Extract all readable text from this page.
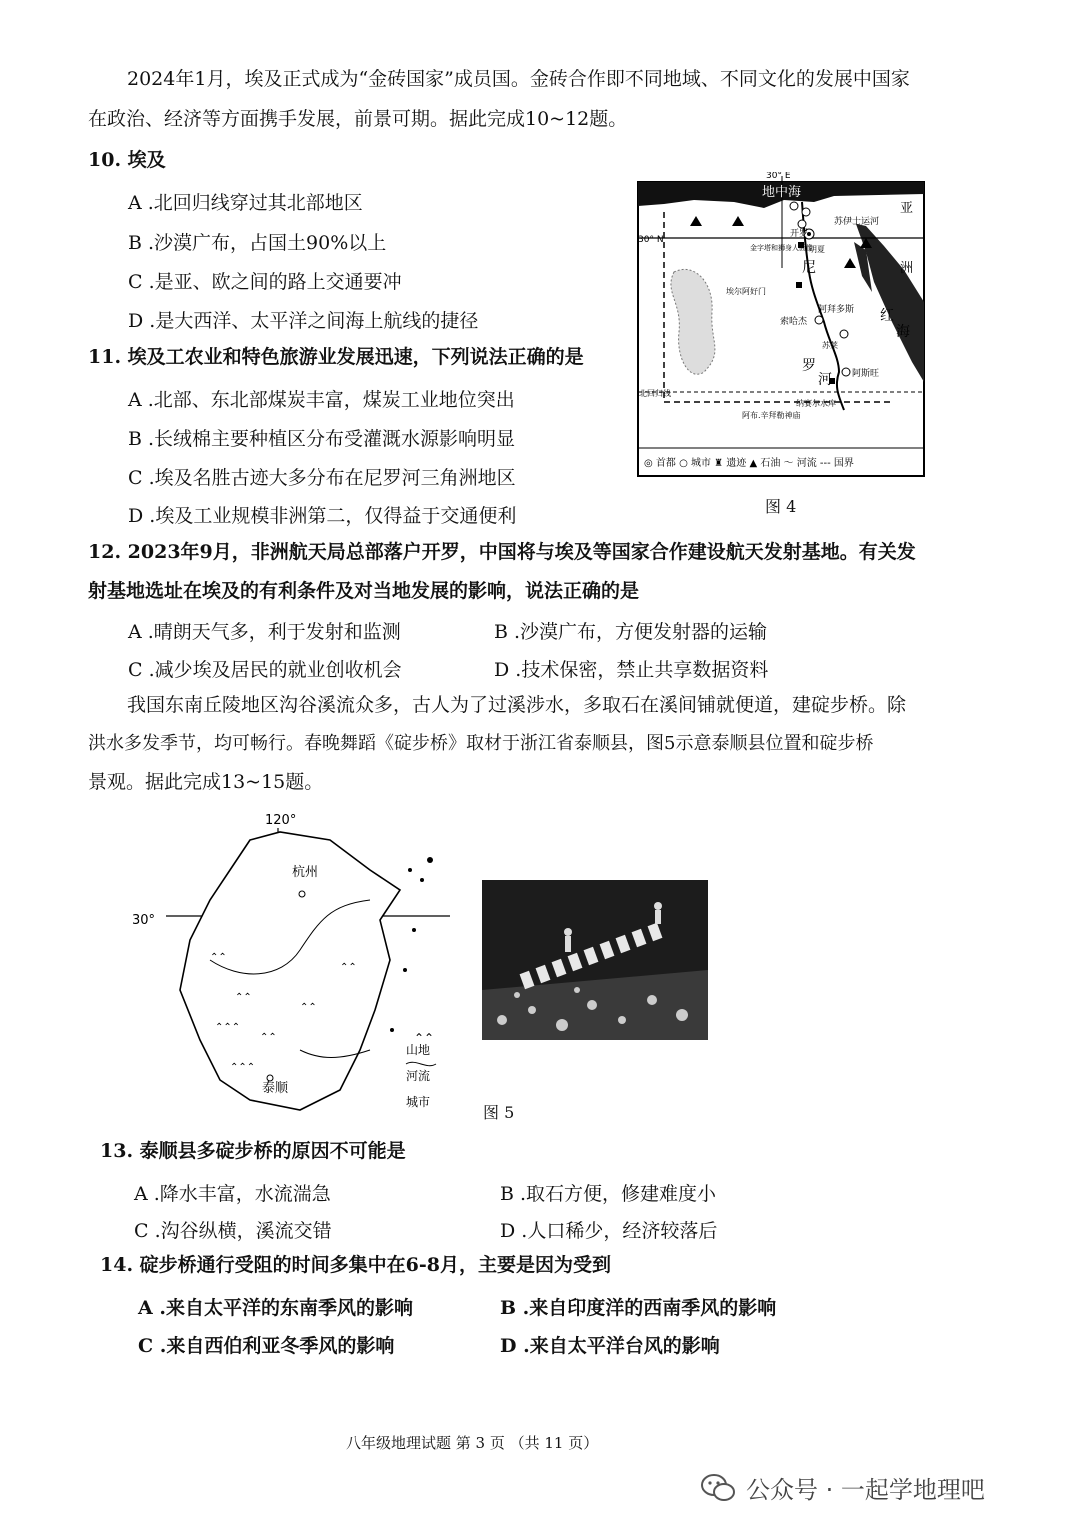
2024年1月，埃及正式成为“金砖国家”成员国。金砖合作即不同地域、不同文化的发展中国家
在政治、经济等方面携手发展，前景可期。据此完成10~12题。
10. 埃及
A .北回归线穿过其北部地区
B .沙漠广布，占国土90%以上
C .是亚、欧之间的路上交通要冲
D .是大西洋、太平洋之间海上航线的捷径
11. 埃及工农业和特色旅游业发展迅速，下列说法正确的是
A .北部、东北部煤炭丰富，煤炭工业地位突出
B .长绒棉主要种植区分布受灌溉水源影响明显
C .埃及名胜古迹大多分布在尼罗河三角洲地区
D .埃及工业规模非洲第二，仅得益于交通便利
30° E
30° N
北回归线
地中海
亚
洲
苏伊士运河
开罗
金字塔和狮身人面像
明夏
尼
罗
河
红
海
埃尔阿好门
索哈杰
阿拜多斯
苏莱
阿斯旺
纳赛尔水库
阿布.辛拜勒神庙
◎ 首都 ○ 城市 ♜ 遗迹 ▲ 石油 〜 河流 --- 国界
图 4
12. 2023年9月，非洲航天局总部落户开罗，中国将与埃及等国家合作建设航天发射基地。有关发
射基地选址在埃及的有利条件及对当地发展的影响，说法正确的是
A .晴朗天气多，利于发射和监测	B .沙漠广布，方便发射器的运输
C .减少埃及居民的就业创收机会	D .技术保密，禁止共享数据资料
我国东南丘陵地区沟谷溪流众多，古人为了过溪涉水，多取石在溪间铺就便道，建碇步桥。除
洪水多发季节，均可畅行。春晚舞蹈《碇步桥》取材于浙江省泰顺县，图5示意泰顺县位置和碇步桥
景观。据此完成13~15题。
120°
30°
⌃⌃
⌃⌃
⌃⌃⌃
⌃⌃
⌃⌃
⌃⌃⌃
⌃⌃
杭州
泰顺
⌃⌃
山地
河流
城市
图 5
13. 泰顺县多碇步桥的原因不可能是
A .降水丰富，水流湍急	B .取石方便，修建难度小
C .沟谷纵横，溪流交错	D .人口稀少，经济较落后
14. 碇步桥通行受阻的时间多集中在6-8月，主要是因为受到
A .来自太平洋的东南季风的影响	B .来自印度洋的西南季风的影响
C .来自西伯利亚冬季风的影响	D .来自太平洋台风的影响
八年级地理试题 第 3 页 （共 11 页）
公众号 · 一起学地理吧
